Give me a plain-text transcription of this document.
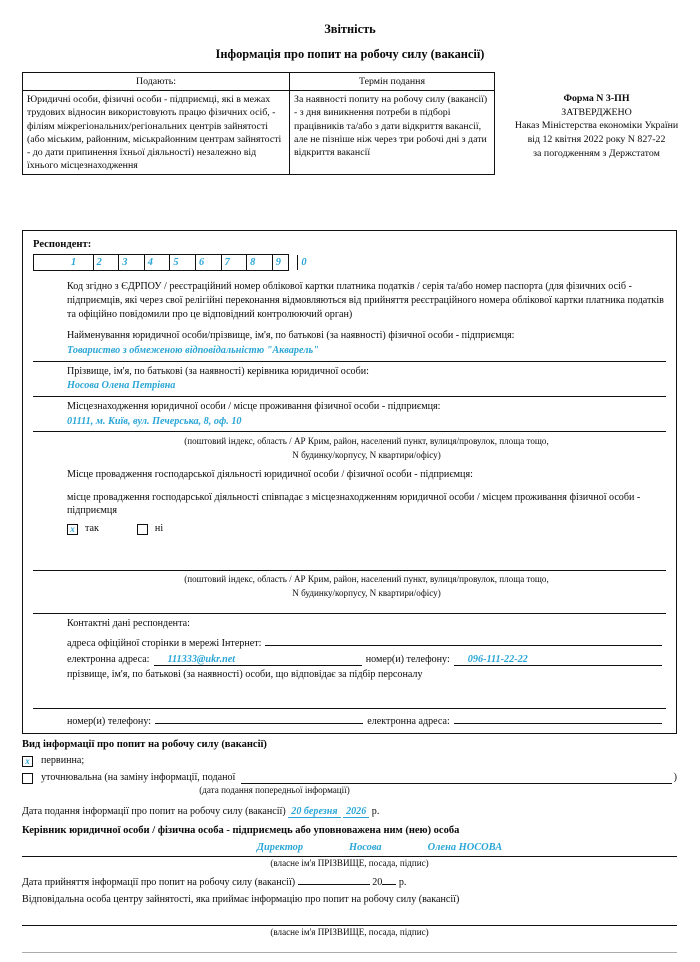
Звітність
Інформація про попит на робочу силу (вакансії)
Подають:	Термін подання
Юридичні особи, фізичні особи - підприємці, які в межах трудових відносин використовують працю фізичних осіб, - філіям міжрегіональних/регіональних центрів зайнятості (або міським, районним, міськрайонним центрам зайнятості - до дати припинення їхньої діяльності) незалежно від їхнього місцезнаходження	За наявності попиту на робочу силу (вакансії) - з дня виникнення потреби в підборі працівників та/або з дати відкриття вакансії, але не пізніше ніж через три робочі дні з дати відкриття вакансії
Форма N 3-ПН
ЗАТВЕРДЖЕНО
Наказ Міністерства економіки України
від 12 квітня 2022 року N 827-22
за погодженням з Держстатом
Респондент:
1	2	3	4	5	6	7	8	9	0
Код згідно з ЄДРПОУ / реєстраційний номер облікової картки платника податків / серія та/або номер паспорта (для фізичних осіб - підприємців, які через свої релігійні переконання відмовляються від прийняття реєстраційного номера облікової картки платника податків та офіційно повідомили про це відповідний контролюючий орган)
Найменування юридичної особи/прізвище, ім'я, по батькові (за наявності) фізичної особи - підприємця:
Товариство з обмеженою відповідальністю "Акварель"
Прізвище, ім'я, по батькові (за наявності) керівника юридичної особи:
Носова Олена Петрівна
Місцезнаходження юридичної особи / місце проживання фізичної особи - підприємця:
01111, м. Київ, вул. Печерська, 8, оф. 10
(поштовий індекс, область / АР Крим, район, населений пункт, вулиця/провулок, площа тощо,
N будинку/корпусу, N квартири/офісу)
Місце провадження господарської діяльності юридичної особи / фізичної особи - підприємця:
місце провадження господарської діяльності співпадає з місцезнаходженням юридичної особи / місцем проживання фізичної особи - підприємця
x	так	ні
(поштовий індекс, область / АР Крим, район, населений пункт, вулиця/провулок, площа тощо,
N будинку/корпусу, N квартири/офісу)
Контактні дані респондента:
адреса офіційної сторінки в мережі Інтернет:
електронна адреса:	111333@ukr.net	номер(и) телефону:	096-111-22-22
прізвище, ім'я, по батькові (за наявності) особи, що відповідає за підбір персоналу
номер(и) телефону:	електронна адреса:
Вид інформації про попит на робочу силу (вакансії)
x	первинна;
уточнювальна (на заміну інформації, поданої	)
(дата подання попередньої інформації)
Дата подання інформації про попит на робочу силу (вакансії) 20 березня 2026 р.
Керівник юридичної особи / фізична особа - підприємець або уповноважена ним (нею) особа
Директор	Носова	Олена НОСОВА
(власне ім'я ПРІЗВИЩЕ, посада, підпис)
Дата прийняття інформації про попит на робочу силу (вакансії)	20 р.
Відповідальна особа центру зайнятості, яка приймає інформацію про попит на робочу силу (вакансії)
(власне ім'я ПРІЗВИЩЕ, посада, підпис)
